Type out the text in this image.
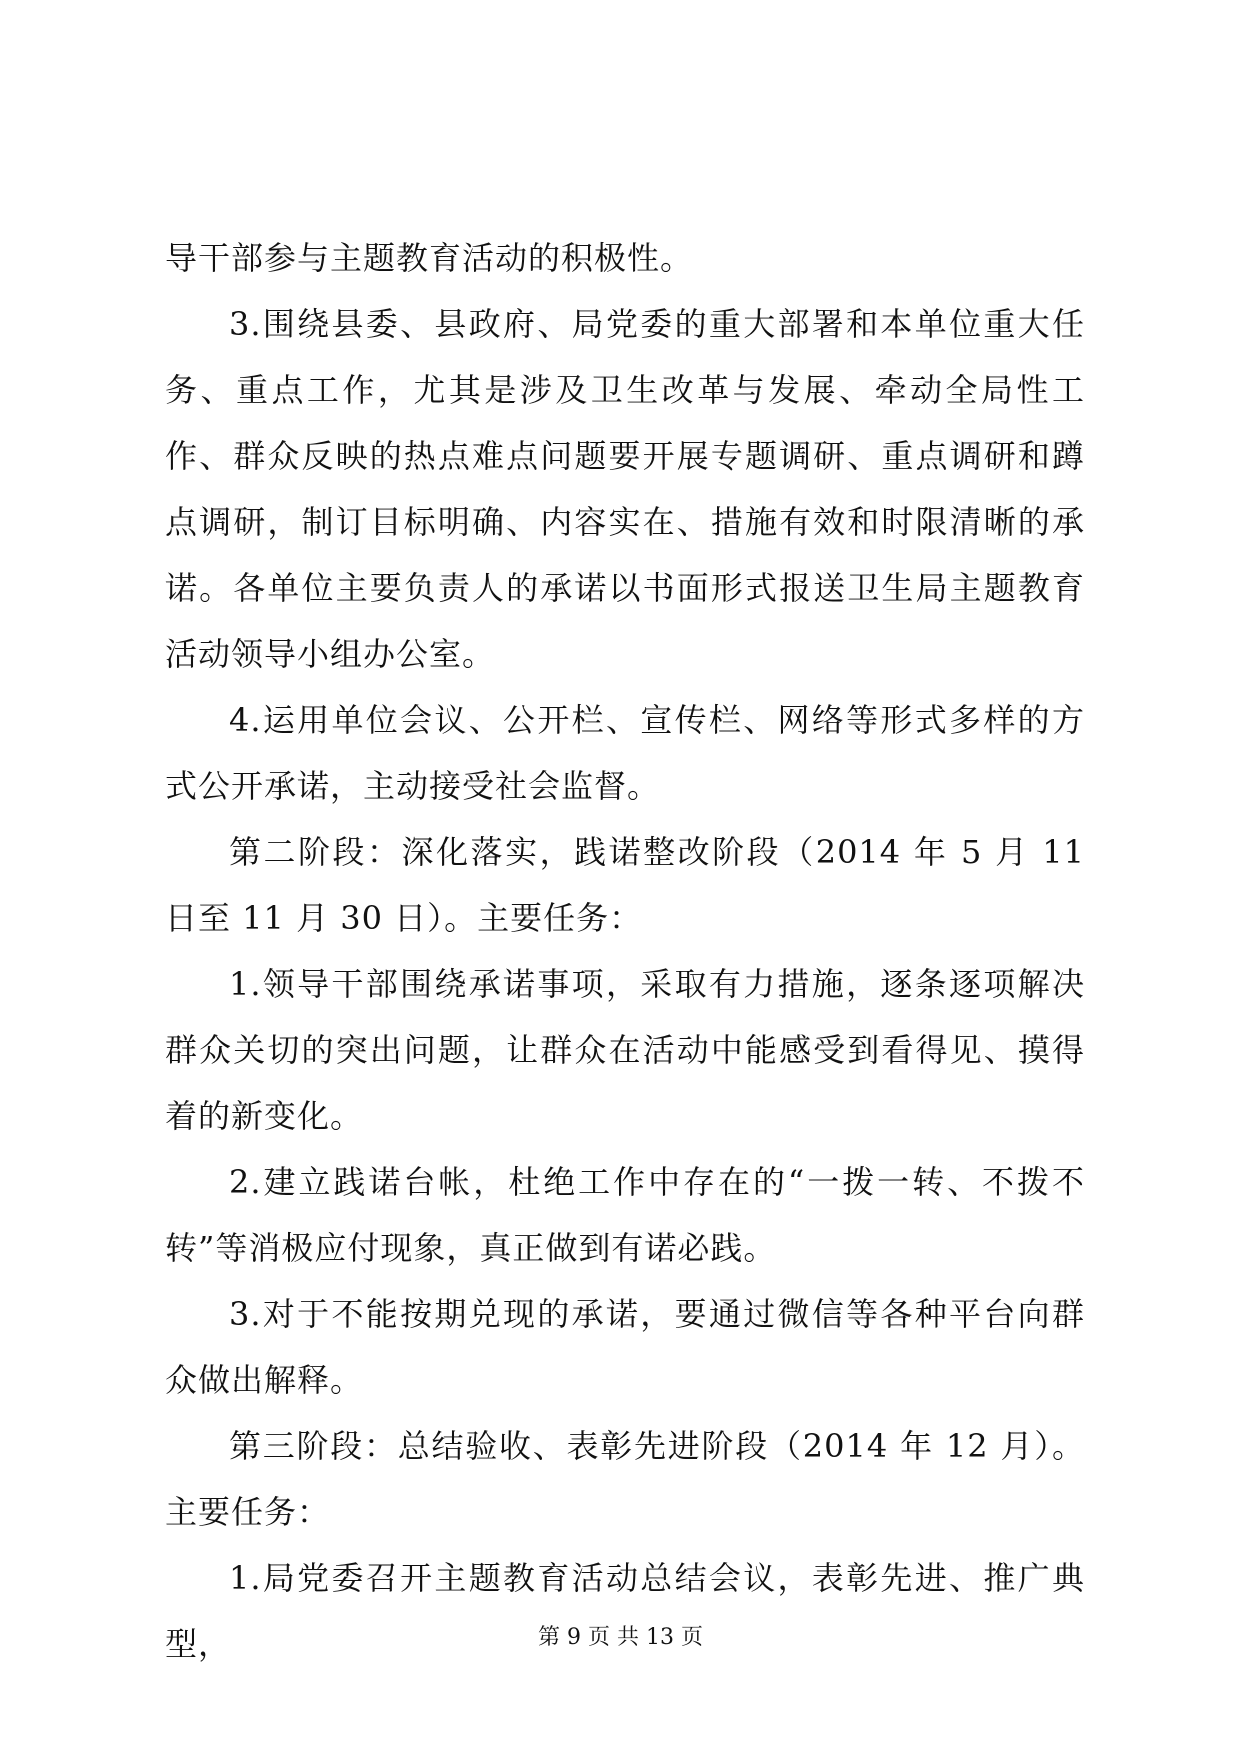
导干部参与主题教育活动的积极性。

3.围绕县委、县政府、局党委的重大部署和本单位重大任务、重点工作，尤其是涉及卫生改革与发展、牵动全局性工作、群众反映的热点难点问题要开展专题调研、重点调研和蹲点调研，制订目标明确、内容实在、措施有效和时限清晰的承诺。各单位主要负责人的承诺以书面形式报送卫生局主题教育活动领导小组办公室。

4.运用单位会议、公开栏、宣传栏、网络等形式多样的方式公开承诺，主动接受社会监督。

第二阶段：深化落实，践诺整改阶段（2014 年 5 月 11 日至 11 月 30 日）。主要任务：

1.领导干部围绕承诺事项，采取有力措施，逐条逐项解决群众关切的突出问题，让群众在活动中能感受到看得见、摸得着的新变化。

2.建立践诺台帐，杜绝工作中存在的“一拨一转、不拨不转”等消极应付现象，真正做到有诺必践。

3.对于不能按期兑现的承诺，要通过微信等各种平台向群众做出解释。

第三阶段：总结验收、表彰先进阶段（2014 年 12 月）。主要任务：

1.局党委召开主题教育活动总结会议，表彰先进、推广典型，	第 9 页 共 13 页
